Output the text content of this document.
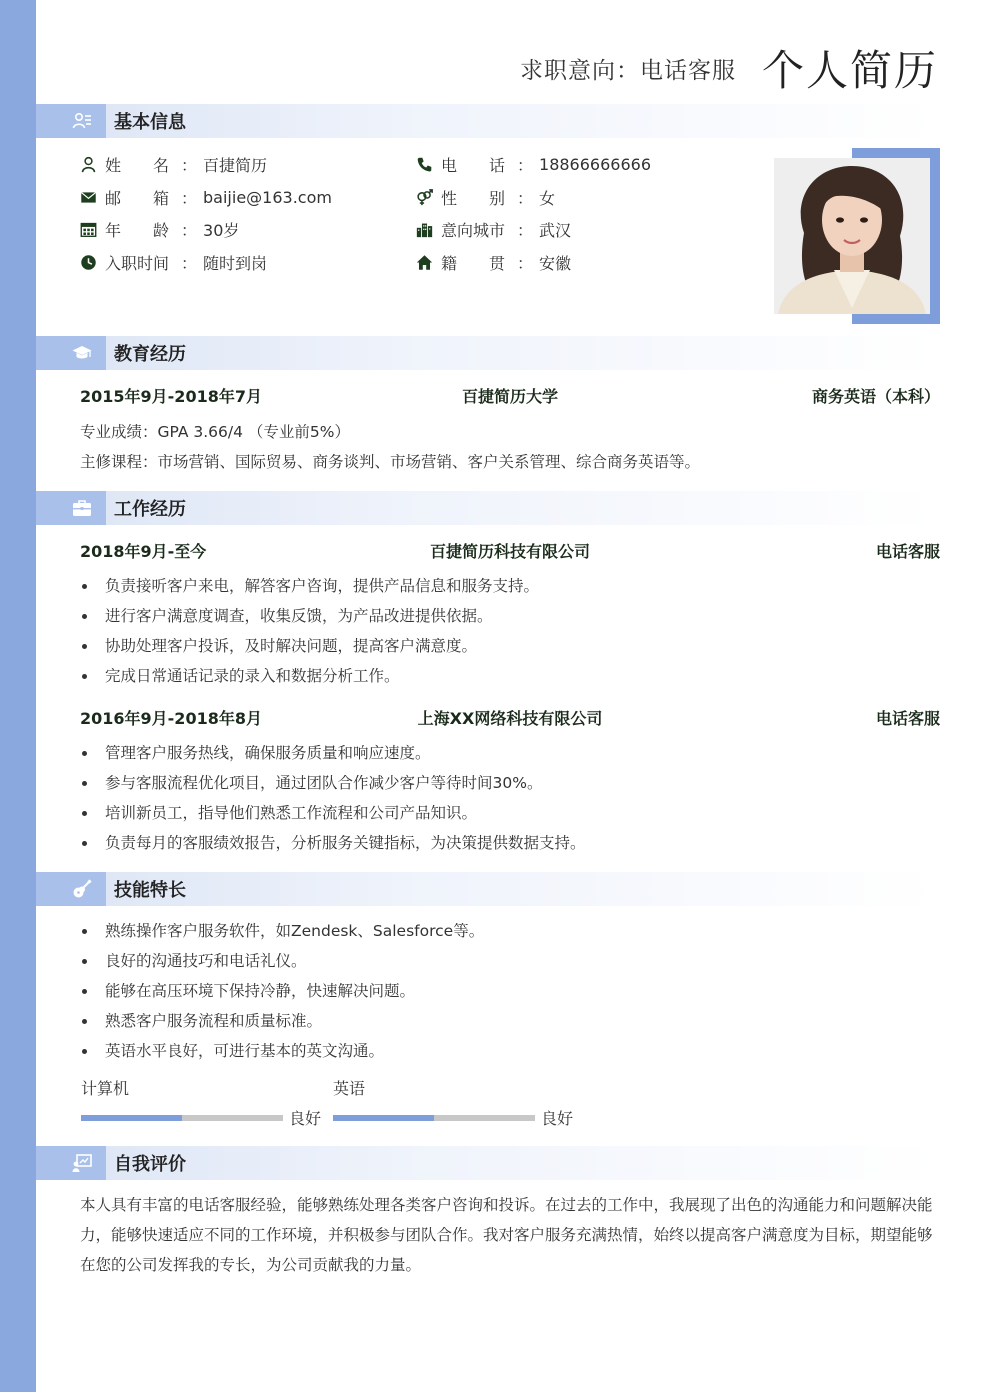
求职意向：电话客服 个人简历
基本信息
姓　　名 ： 百捷简历
邮　　箱 ： baijie@163.com
年　　龄 ： 30岁
入职时间 ： 随时到岗
电　　话 ： 18866666666
性　　别 ： 女
意向城市 ： 武汉
籍　　贯 ： 安徽
教育经历
2015年9月-2018年7月	百捷简历大学	商务英语（本科）
专业成绩：GPA 3.66/4 （专业前5%）
主修课程：市场营销、国际贸易、商务谈判、市场营销、客户关系管理、综合商务英语等。
工作经历
2018年9月-至今	百捷简历科技有限公司	电话客服
负责接听客户来电，解答客户咨询，提供产品信息和服务支持。
进行客户满意度调查，收集反馈，为产品改进提供依据。
协助处理客户投诉，及时解决问题，提高客户满意度。
完成日常通话记录的录入和数据分析工作。
2016年9月-2018年8月	上海XX网络科技有限公司	电话客服
管理客户服务热线，确保服务质量和响应速度。
参与客服流程优化项目，通过团队合作减少客户等待时间30%。
培训新员工，指导他们熟悉工作流程和公司产品知识。
负责每月的客服绩效报告，分析服务关键指标，为决策提供数据支持。
技能特长
熟练操作客户服务软件，如Zendesk、Salesforce等。
良好的沟通技巧和电话礼仪。
能够在高压环境下保持冷静，快速解决问题。
熟悉客户服务流程和质量标准。
英语水平良好，可进行基本的英文沟通。
计算机
良好
英语
良好
自我评价
本人具有丰富的电话客服经验，能够熟练处理各类客户咨询和投诉。在过去的工作中，我展现了出色的沟通能力和问题解决能力，能够快速适应不同的工作环境，并积极参与团队合作。我对客户服务充满热情，始终以提高客户满意度为目标，期望能够在您的公司发挥我的专长，为公司贡献我的力量。
